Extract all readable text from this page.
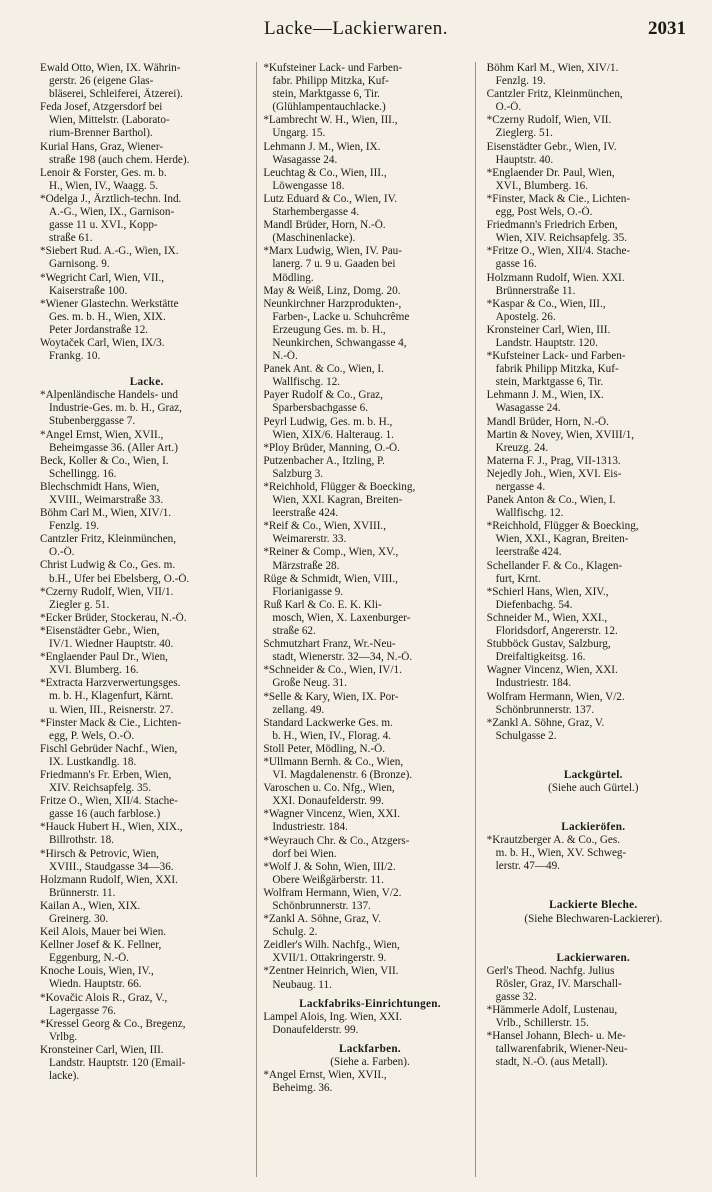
Lacke—Lackierwaren.	2031
Ewald Otto, Wien, IX. Währin-
gerstr. 26 (eigene Glas-
bläserei, Schleiferei, Ätzerei).
Feda Josef, Atzgersdorf bei
Wien, Mittelstr. (Laborato-
rium-Brenner Barthol).
Kurial Hans, Graz, Wiener-
straße 198 (auch chem. Herde).
Lenoir & Forster, Ges. m. b.
H., Wien, IV., Waagg. 5.
*Odelga J., Ärztlich-techn. Ind.
A.-G., Wien, IX., Garnison-
gasse 11 u. XVI., Kopp-
straße 61.
*Siebert Rud. A.-G., Wien, IX.
Garnisong. 9.
*Wegricht Carl, Wien, VII.,
Kaiserstraße 100.
*Wiener Glastechn. Werkstätte
Ges. m. b. H., Wien, XIX.
Peter Jordanstraße 12.
Woytaček Carl, Wien, IX/3.
Frankg. 10.
Lacke.
*Alpenländische Handels- und
Industrie-Ges. m. b. H., Graz,
Stubenberggasse 7.
*Angel Ernst, Wien, XVII.,
Beheimgasse 36. (Aller Art.)
Beck, Koller & Co., Wien, I.
Schellingg. 16.
Blechschmidt Hans, Wien,
XVIII., Weimarstraße 33.
Böhm Carl M., Wien, XIV/1.
Fenzlg. 19.
Cantzler Fritz, Kleinmünchen,
O.-Ö.
Christ Ludwig & Co., Ges. m.
b.H., Ufer bei Ebelsberg, O.-Ö.
*Czerny Rudolf, Wien, VII/1.
Ziegler g. 51.
*Ecker Brüder, Stockerau, N.-Ö.
*Eisenstädter Gebr., Wien,
IV/1. Wiedner Hauptstr. 40.
*Englaender Paul Dr., Wien,
XVI. Blumberg. 16.
*Extracta Harzverwertungsges.
m. b. H., Klagenfurt, Kärnt.
u. Wien, III., Reisnerstr. 27.
*Finster Mack & Cie., Lichten-
egg, P. Wels, O.-Ö.
Fischl Gebrüder Nachf., Wien,
IX. Lustkandlg. 18.
Friedmann's Fr. Erben, Wien,
XIV. Reichsapfelg. 35.
Fritze O., Wien, XII/4. Stache-
gasse 16 (auch farblose.)
*Hauck Hubert H., Wien, XIX.,
Billrothstr. 18.
*Hirsch & Petrovic, Wien,
XVIII., Staudgasse 34—36.
Holzmann Rudolf, Wien, XXI.
Brünnerstr. 11.
Kailan A., Wien, XIX.
Greinerg. 30.
Keil Alois, Mauer bei Wien.
Kellner Josef & K. Fellner,
Eggenburg, N.-Ö.
Knoche Louis, Wien, IV.,
Wiedn. Hauptstr. 66.
*Kovačic Alois R., Graz, V.,
Lagergasse 76.
*Kressel Georg & Co., Bregenz,
Vrlbg.
Kronsteiner Carl, Wien, III.
Landstr. Hauptstr. 120 (Email-
lacke).
*Kufsteiner Lack- und Farben-
fabr. Philipp Mitzka, Kuf-
stein, Marktgasse 6, Tir.
(Glühlampentauchlacke.)
*Lambrecht W. H., Wien, III.,
Ungarg. 15.
Lehmann J. M., Wien, IX.
Wasagasse 24.
Leuchtag & Co., Wien, III.,
Löwengasse 18.
Lutz Eduard & Co., Wien, IV.
Starhembergasse 4.
Mandl Brüder, Horn, N.-Ö.
(Maschinenlacke).
*Marx Ludwig, Wien, IV. Pau-
lanerg. 7 u. 9 u. Gaaden bei
Mödling.
May & Weiß, Linz, Domg. 20.
Neunkirchner Harzprodukten-,
Farben-, Lacke u. Schuhcrême
Erzeugung Ges. m. b. H.,
Neunkirchen, Schwangasse 4,
N.-Ö.
Panek Ant. & Co., Wien, I.
Wallfischg. 12.
Payer Rudolf & Co., Graz,
Sparbersbachgasse 6.
Peyrl Ludwig, Ges. m. b. H.,
Wien, XIX/6. Halteraug. 1.
*Ploy Brüder, Manning, O.-Ö.
Putzenbacher A., Itzling, P.
Salzburg 3.
*Reichhold, Flügger & Boecking,
Wien, XXI. Kagran, Breiten-
leerstraße 424.
*Reif & Co., Wien, XVIII.,
Weimarerstr. 33.
*Reiner & Comp., Wien, XV.,
Märzstraße 28.
Rüge & Schmidt, Wien, VIII.,
Florianigasse 9.
Ruß Karl & Co. E. K. Kli-
mosch, Wien, X. Laxenburger-
straße 62.
Schmutzhart Franz, Wr.-Neu-
stadt, Wienerstr. 32—34, N.-Ö.
*Schneider & Co., Wien, IV/1.
Große Neug. 31.
*Selle & Kary, Wien, IX. Por-
zellang. 49.
Standard Lackwerke Ges. m.
b. H., Wien, IV., Florag. 4.
Stoll Peter, Mödling, N.-Ö.
*Ullmann Bernh. & Co., Wien,
VI. Magdalenenstr. 6 (Bronze).
Varoschen u. Co. Nfg., Wien,
XXI. Donaufelderstr. 99.
*Wagner Vincenz, Wien, XXI.
Industriestr. 184.
*Weyrauch Chr. & Co., Atzgers-
dorf bei Wien.
*Wolf J. & Sohn, Wien, III/2.
Obere Weißgärberstr. 11.
Wolfram Hermann, Wien, V/2.
Schönbrunnerstr. 137.
*Zankl A. Söhne, Graz, V.
Schulg. 2.
Zeidler's Wilh. Nachfg., Wien,
XVII/1. Ottakringerstr. 9.
*Zentner Heinrich, Wien, VII.
Neubaug. 11.
Lackfabriks-Einrichtungen.
Lampel Alois, Ing. Wien, XXI.
Donaufelderstr. 99.
Lackfarben.
(Siehe a. Farben).
*Angel Ernst, Wien, XVII.,
Beheimg. 36.
Böhm Karl M., Wien, XIV/1.
Fenzlg. 19.
Cantzler Fritz, Kleinmünchen,
O.-Ö.
*Czerny Rudolf, Wien, VII.
Zieglerg. 51.
Eisenstädter Gebr., Wien, IV.
Hauptstr. 40.
*Englaender Dr. Paul, Wien,
XVI., Blumberg. 16.
*Finster, Mack & Cie., Lichten-
egg, Post Wels, O.-Ö.
Friedmann's Friedrich Erben,
Wien, XIV. Reichsapfelg. 35.
*Fritze O., Wien, XII/4. Stache-
gasse 16.
Holzmann Rudolf, Wien. XXI.
Brünnerstraße 11.
*Kaspar & Co., Wien, III.,
Apostelg. 26.
Kronsteiner Carl, Wien, III.
Landstr. Hauptstr. 120.
*Kufsteiner Lack- und Farben-
fabrik Philipp Mitzka, Kuf-
stein, Marktgasse 6, Tir.
Lehmann J. M., Wien, IX.
Wasagasse 24.
Mandl Brüder, Horn, N.-Ö.
Martin & Novey, Wien, XVIII/1,
Kreuzg. 24.
Materna F. J., Prag, VII-1313.
Nejedly Joh., Wien, XVI. Eis-
nergasse 4.
Panek Anton & Co., Wien, I.
Wallfischg. 12.
*Reichhold, Flügger & Boecking,
Wien, XXI., Kagran, Breiten-
leerstraße 424.
Schellander F. & Co., Klagen-
furt, Krnt.
*Schierl Hans, Wien, XIV.,
Diefenbachg. 54.
Schneider M., Wien, XXI.,
Floridsdorf, Angererstr. 12.
Stubböck Gustav, Salzburg,
Dreifaltigkeitsg. 16.
Wagner Vincenz, Wien, XXI.
Industriestr. 184.
Wolfram Hermann, Wien, V/2.
Schönbrunnerstr. 137.
*Zankl A. Söhne, Graz, V.
Schulgasse 2.
Lackgürtel.
(Siehe auch Gürtel.)
Lackieröfen.
*Krautzberger A. & Co., Ges.
m. b. H., Wien, XV. Schweg-
lerstr. 47—49.
Lackierte Bleche.
(Siehe Blechwaren-Lackierer).
Lackierwaren.
Gerl's Theod. Nachfg. Julius
Rösler, Graz, IV. Marschall-
gasse 32.
*Hämmerle Adolf, Lustenau,
Vrlb., Schillerstr. 15.
*Hansel Johann, Blech- u. Me-
tallwarenfabrik, Wiener-Neu-
stadt, N.-Ö. (aus Metall).
